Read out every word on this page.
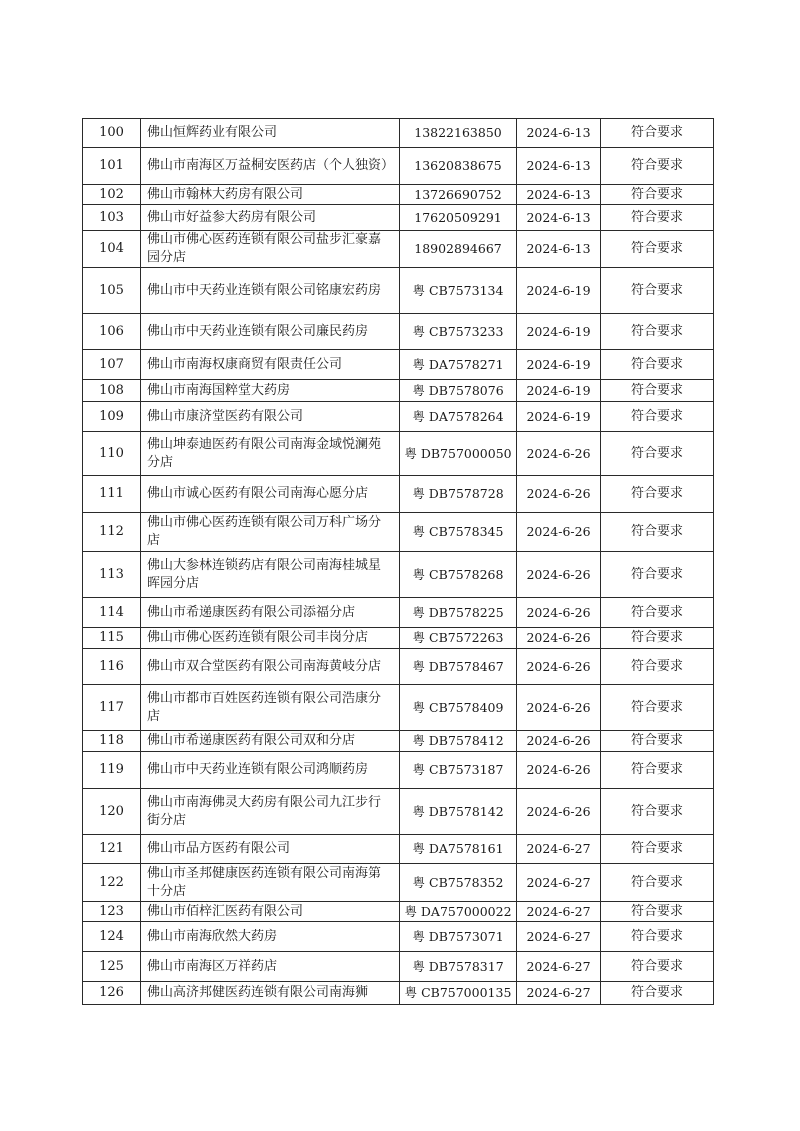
100	佛山恒辉药业有限公司	13822163850	2024-6-13	符合要求
101	佛山市南海区万益桐安医药店（个人独资）	13620838675	2024-6-13	符合要求
102	佛山市翰林大药房有限公司	13726690752	2024-6-13	符合要求
103	佛山市好益参大药房有限公司	17620509291	2024-6-13	符合要求
104	佛山市佛心医药连锁有限公司盐步汇豪嘉园分店	18902894667	2024-6-13	符合要求
105	佛山市中天药业连锁有限公司铭康宏药房	粤 CB7573134	2024-6-19	符合要求
106	佛山市中天药业连锁有限公司廉民药房	粤 CB7573233	2024-6-19	符合要求
107	佛山市南海权康商贸有限责任公司	粤 DA7578271	2024-6-19	符合要求
108	佛山市南海国粹堂大药房	粤 DB7578076	2024-6-19	符合要求
109	佛山市康济堂医药有限公司	粤 DA7578264	2024-6-19	符合要求
110	佛山坤泰迪医药有限公司南海金域悦澜苑分店	粤 DB757000050	2024-6-26	符合要求
111	佛山市诚心医药有限公司南海心愿分店	粤 DB7578728	2024-6-26	符合要求
112	佛山市佛心医药连锁有限公司万科广场分店	粤 CB7578345	2024-6-26	符合要求
113	佛山大参林连锁药店有限公司南海桂城星晖园分店	粤 CB7578268	2024-6-26	符合要求
114	佛山市希递康医药有限公司添福分店	粤 DB7578225	2024-6-26	符合要求
115	佛山市佛心医药连锁有限公司丰岗分店	粤 CB7572263	2024-6-26	符合要求
116	佛山市双合堂医药有限公司南海黄岐分店	粤 DB7578467	2024-6-26	符合要求
117	佛山市都市百姓医药连锁有限公司浩康分店	粤 CB7578409	2024-6-26	符合要求
118	佛山市希递康医药有限公司双和分店	粤 DB7578412	2024-6-26	符合要求
119	佛山市中天药业连锁有限公司鸿顺药房	粤 CB7573187	2024-6-26	符合要求
120	佛山市南海佛灵大药房有限公司九江步行街分店	粤 DB7578142	2024-6-26	符合要求
121	佛山市品方医药有限公司	粤 DA7578161	2024-6-27	符合要求
122	佛山市圣邦健康医药连锁有限公司南海第十分店	粤 CB7578352	2024-6-27	符合要求
123	佛山市佰梓汇医药有限公司	粤 DA757000022	2024-6-27	符合要求
124	佛山市南海欣然大药房	粤 DB7573071	2024-6-27	符合要求
125	佛山市南海区万祥药店	粤 DB7578317	2024-6-27	符合要求
126	佛山高济邦健医药连锁有限公司南海狮	粤 CB757000135	2024-6-27	符合要求
